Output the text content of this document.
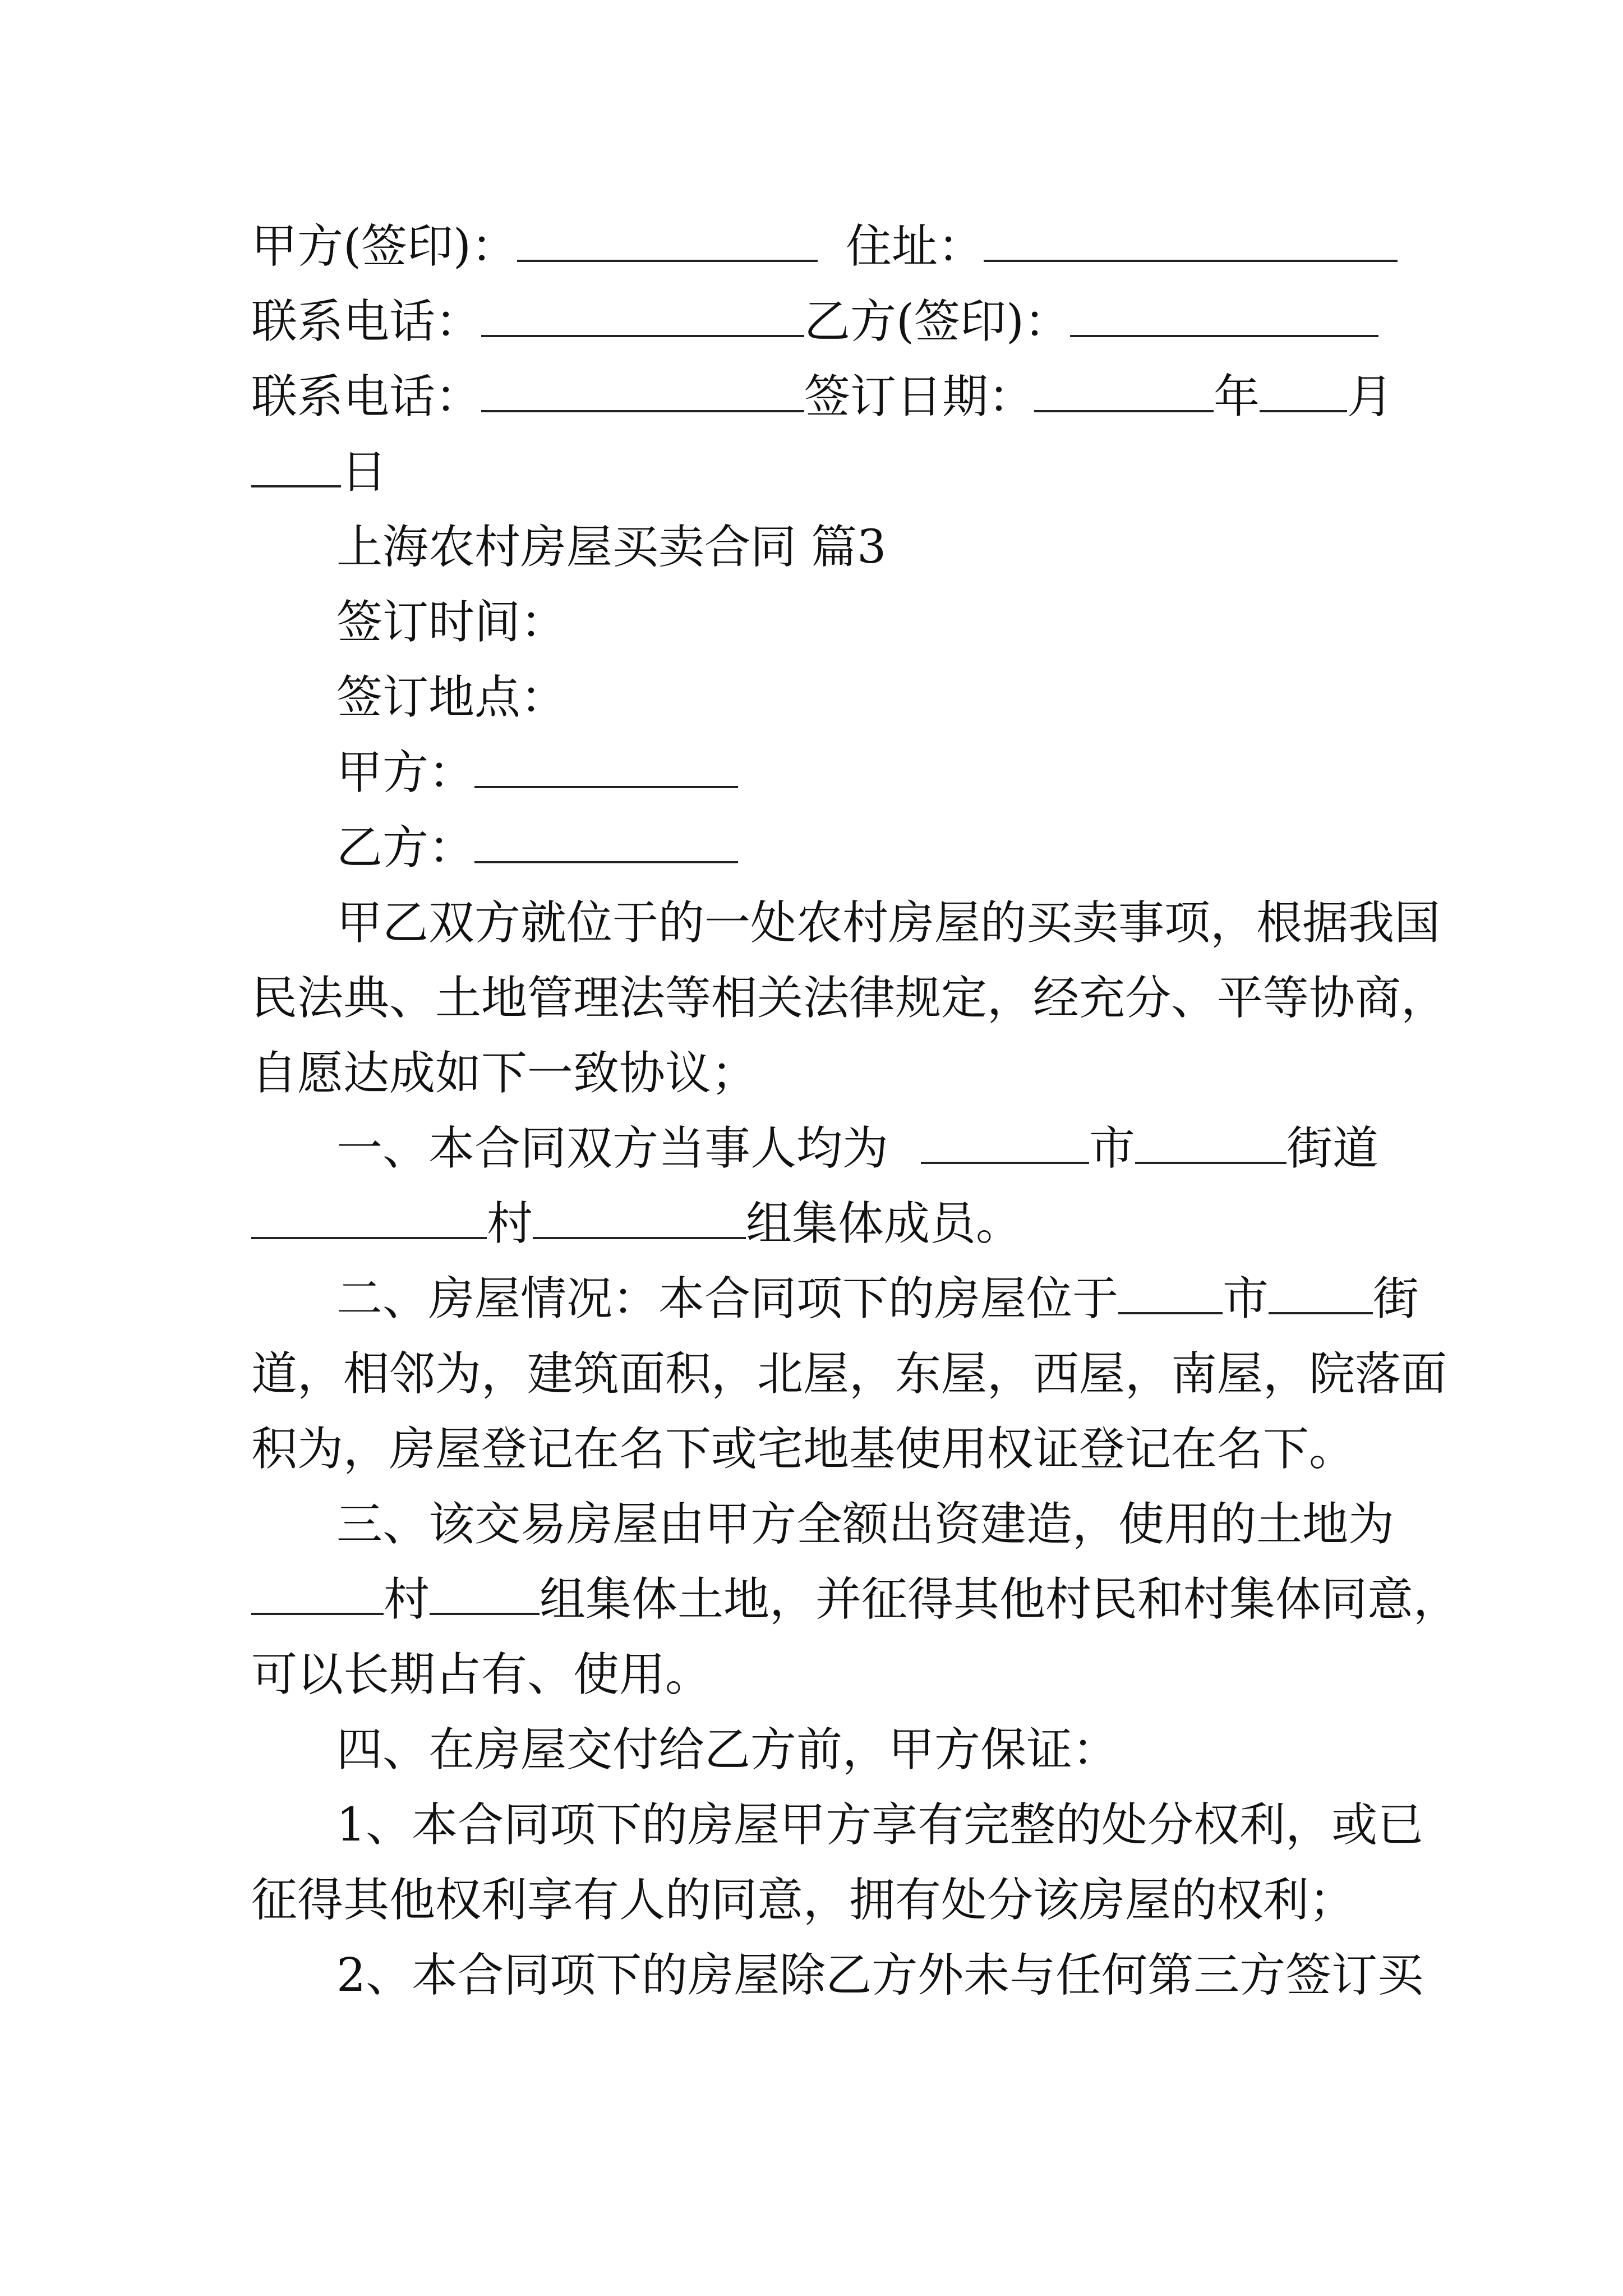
甲方(签印)：	住址：
联系电话：	乙方(签印)：
联系电话：	签订日期：	年 月
日
上海农村房屋买卖合同 篇3
签订时间：
签订地点：
甲方：
乙方：
甲乙双方就位于的一处农村房屋的买卖事项，根据我国
民法典、土地管理法等相关法律规定，经充分、平等协商，
自愿达成如下一致协议；
一、本合同双方当事人均为	市	街道
村	组集体成员。
二、房屋情况：本合同项下的房屋位于 市 街
道，相邻为，建筑面积，北屋，东屋，西屋，南屋，院落面
积为，房屋登记在名下或宅地基使用权证登记在名下。
三、该交易房屋由甲方全额出资建造，使用的土地为
村 组集体土地，并征得其他村民和村集体同意，
可以长期占有、使用。
四、在房屋交付给乙方前，甲方保证：
1、本合同项下的房屋甲方享有完整的处分权利，或已
征得其他权利享有人的同意，拥有处分该房屋的权利；
2、本合同项下的房屋除乙方外未与任何第三方签订买
